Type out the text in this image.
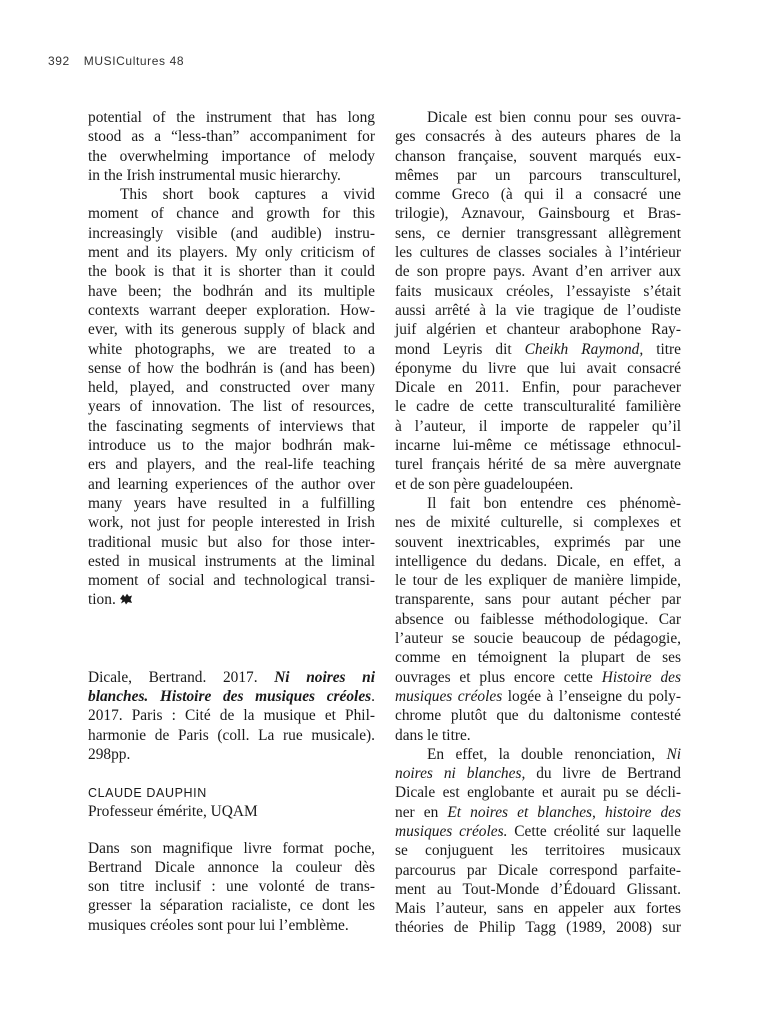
392 MUSICultures 48
potential of the instrument that has long
stood as a “less-than” accompaniment for
the overwhelming importance of melody
in the Irish instrumental music hierarchy.
This short book captures a vivid
moment of chance and growth for this
increasingly visible (and audible) instru-
ment and its players. My only criticism of
the book is that it is shorter than it could
have been; the bodhrán and its multiple
contexts warrant deeper exploration. How-
ever, with its generous supply of black and
white photographs, we are treated to a
sense of how the bodhrán is (and has been)
held, played, and constructed over many
years of innovation. The list of resources,
the fascinating segments of interviews that
introduce us to the major bodhrán mak-
ers and players, and the real-life teaching
and learning experiences of the author over
many years have resulted in a fulfilling
work, not just for people interested in Irish
traditional music but also for those inter-
ested in musical instruments at the liminal
moment of social and technological transi-
tion.
Dicale, Bertrand. 2017. Ni noires ni
blanches. Histoire des musiques créoles.
2017. Paris : Cité de la musique et Phil-
harmonie de Paris (coll. La rue musicale).
298pp.
CLAUDE DAUPHIN
Professeur émérite, UQAM
Dans son magnifique livre format poche,
Bertrand Dicale annonce la couleur dès
son titre inclusif : une volonté de trans-
gresser la séparation racialiste, ce dont les
musiques créoles sont pour lui l’emblème.
Dicale est bien connu pour ses ouvra-
ges consacrés à des auteurs phares de la
chanson française, souvent marqués eux-
mêmes par un parcours transculturel,
comme Greco (à qui il a consacré une
trilogie), Aznavour, Gainsbourg et Bras-
sens, ce dernier transgressant allègrement
les cultures de classes sociales à l’intérieur
de son propre pays. Avant d’en arriver aux
faits musicaux créoles, l’essayiste s’était
aussi arrêté à la vie tragique de l’oudiste
juif algérien et chanteur arabophone Ray-
mond Leyris dit Cheikh Raymond, titre
éponyme du livre que lui avait consacré
Dicale en 2011. Enfin, pour parachever
le cadre de cette transculturalité familière
à l’auteur, il importe de rappeler qu’il
incarne lui-même ce métissage ethnocul-
turel français hérité de sa mère auvergnate
et de son père guadeloupéen.
Il fait bon entendre ces phénomè-
nes de mixité culturelle, si complexes et
souvent inextricables, exprimés par une
intelligence du dedans. Dicale, en effet, a
le tour de les expliquer de manière limpide,
transparente, sans pour autant pécher par
absence ou faiblesse méthodologique. Car
l’auteur se soucie beaucoup de pédagogie,
comme en témoignent la plupart de ses
ouvrages et plus encore cette Histoire des
musiques créoles logée à l’enseigne du poly-
chrome plutôt que du daltonisme contesté
dans le titre.
En effet, la double renonciation, Ni
noires ni blanches, du livre de Bertrand
Dicale est englobante et aurait pu se décli-
ner en Et noires et blanches, histoire des
musiques créoles. Cette créolité sur laquelle
se conjuguent les territoires musicaux
parcourus par Dicale correspond parfaite-
ment au Tout-Monde d’Édouard Glissant.
Mais l’auteur, sans en appeler aux fortes
théories de Philip Tagg (1989, 2008) sur
